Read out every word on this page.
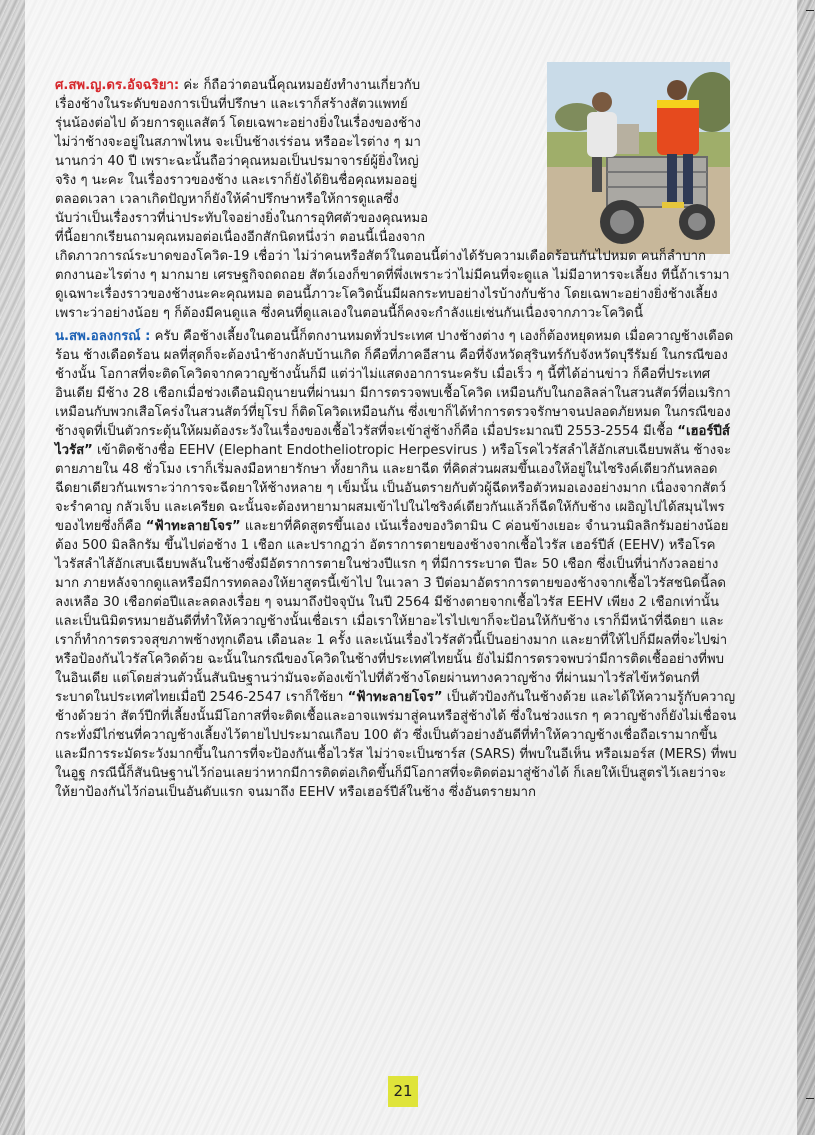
ศ.สพ.ญ.ดร.อัจฉริยา: ค่ะ ก็ถือว่าตอนนี้คุณหมอยังทำงานเกี่ยวกับ
เรื่องช้างในระดับของการเป็นที่ปรึกษา และเราก็สร้างสัตวแพทย์
รุ่นน้องต่อไป ด้วยการดูแลสัตว์ โดยเฉพาะอย่างยิ่งในเรื่องของช้าง
ไม่ว่าช้างจะอยู่ในสภาพไหน จะเป็นช้างเร่ร่อน หรืออะไรต่าง ๆ มา
นานกว่า 40 ปี เพราะฉะนั้นถือว่าคุณหมอเป็นปรมาจารย์ผู้ยิ่งใหญ่
จริง ๆ นะคะ ในเรื่องราวของช้าง และเราก็ยังได้ยินชื่อคุณหมออยู่
ตลอดเวลา เวลาเกิดปัญหาก็ยังให้คำปรึกษาหรือให้การดูแลซึ่ง
นับว่าเป็นเรื่องราวที่น่าประทับใจอย่างยิ่งในการอุทิศตัวของคุณหมอ
ที่นี้อยากเรียนถามคุณหมอต่อเนื่องอีกสักนิดหนึ่งว่า ตอนนี้เนื่องจาก
เกิดภาวการณ์ระบาดของโควิด-19 เชื่อว่า ไม่ว่าคนหรือสัตว์ในตอนนี้ต่างได้รับความเดือดร้อนกันไปหมด คนก็ลำบากตกงานอะไรต่าง ๆ มากมาย เศรษฐกิจถดถอย สัตว์เองก็ขาดที่พึ่งเพราะว่าไม่มีคนที่จะดูแล ไม่มีอาหารจะเลี้ยง ทีนี้ถ้าเรามาดูเฉพาะเรื่องราวของช้างนะคะคุณหมอ ตอนนี้ภาวะโควิดนั้นมีผลกระทบอย่างไรบ้างกับช้าง โดยเฉพาะอย่างยิ่งช้างเลี้ยง เพราะว่าอย่างน้อย ๆ ก็ต้องมีคนดูแล ซึ่งคนที่ดูแลเองในตอนนี้ก็คงจะกำลังแย่เช่นกันเนื่องจากภาวะโควิดนี้

น.สพ.อลงกรณ์ : ครับ คือช้างเลี้ยงในตอนนี้ก็ตกงานหมดทั่วประเทศ ปางช้างต่าง ๆ เองก็ต้องหยุดหมด เมื่อควาญช้างเดือดร้อน ช้างเดือดร้อน ผลที่สุดก็จะต้องนำช้างกลับบ้านเกิด ก็คือที่ภาคอีสาน คือที่จังหวัดสุรินทร์กับจังหวัดบุรีรัมย์ ในกรณีของช้างนั้น โอกาสที่จะติดโควิดจากควาญช้างนั้นก็มี แต่ว่าไม่แสดงอาการนะครับ เมื่อเร็ว ๆ นี้ที่ได้อ่านข่าว ก็คือที่ประเทศอินเดีย มีช้าง 28 เชือกเมื่อช่วงเดือนมิถุนายนที่ผ่านมา มีการตรวจพบเชื้อโควิด เหมือนกับในกอลิลล่าในสวนสัตว์ที่อเมริกา เหมือนกับพวกเสือโคร่งในสวนสัตว์ที่ยุโรป ก็ติดโควิดเหมือนกัน ซึ่งเขาก็ได้ทำการตรวจรักษาจนปลอดภัยหมด ในกรณีของช้างจุดที่เป็นตัวกระตุ้นให้ผมต้องระวังในเรื่องของเชื้อไวรัสที่จะเข้าสู่ช้างก็คือ เมื่อประมาณปี 2553-2554 มีเชื้อ “เฮอร์ปีส์ไวรัส” เข้าติดช้างชื่อ EEHV (Elephant Endotheliotropic Herpesvirus ) หรือโรคไวรัสลำไส้อักเสบเฉียบพลัน ช้างจะตายภายใน 48 ชั่วโมง เราก็เริ่มลงมือหายารักษา ทั้งยากิน และยาฉีด ที่คิดส่วนผสมขึ้นเองให้อยู่ในไซริงค์เดียวกันหลอดฉีดยาเดียวกันเพราะว่าการจะฉีดยาให้ช้างหลาย ๆ เข็มนั้น เป็นอันตรายกับตัวผู้ฉีดหรือตัวหมอเองอย่างมาก เนื่องจากสัตว์จะรำคาญ กลัวเจ็บ และเครียด ฉะนั้นจะต้องหายามาผสมเข้าไปในไซริงค์เดียวกันแล้วก็ฉีดให้กับช้าง เผอิญไปได้สมุนไพรของไทยซึ่งก็คือ “ฟ้าทะลายโจร” และยาที่คิดสูตรขึ้นเอง เน้นเรื่องของวิตามิน C ค่อนข้างเยอะ จำนวนมิลลิกรัมอย่างน้อยต้อง 500 มิลลิกรัม ขึ้นไปต่อช้าง 1 เชือก และปรากฏว่า อัตราการตายของช้างจากเชื้อไวรัส เฮอร์ปีส์ (EEHV) หรือโรคไวรัสลำไส้อักเสบเฉียบพลันในช้างซึ่งมีอัตราการตายในช่วงปีแรก ๆ ที่มีการระบาด ปีละ 50 เชือก ซึ่งเป็นที่น่ากังวลอย่างมาก ภายหลังจากดูแลหรือมีการทดลองให้ยาสูตรนี้เข้าไป ในเวลา 3 ปีต่อมาอัตราการตายของช้างจากเชื้อไวรัสชนิดนี้ลดลงเหลือ 30 เชือกต่อปีและลดลงเรื่อย ๆ จนมาถึงปัจจุบัน ในปี 2564 มีช้างตายจากเชื้อไวรัส EEHV เพียง 2 เชือกเท่านั้น และเป็นนิมิตรหมายอันดีที่ทำให้ควาญช้างนั้นเชื่อเรา เมื่อเราให้ยาอะไรไปเขาก็จะป้อนให้กับช้าง เราก็มีหน้าที่ฉีดยา และเราก็ทำการตรวจสุขภาพช้างทุกเดือน เดือนละ 1 ครั้ง และเน้นเรื่องไวรัสตัวนี้เป็นอย่างมาก และยาที่ให้ไปก็มีผลที่จะไปฆ่าหรือป้องกันไวรัสโควิดด้วย ฉะนั้นในกรณีของโควิดในช้างที่ประเทศไทยนั้น ยังไม่มีการตรวจพบว่ามีการติดเชื้ออย่างที่พบในอินเดีย แต่โดยส่วนตัวนั้นสันนิษฐานว่ามันจะต้องเข้าไปที่ตัวช้างโดยผ่านทางควาญช้าง ที่ผ่านมาไวรัสไข้หวัดนกที่ระบาดในประเทศไทยเมื่อปี 2546-2547 เราก็ใช้ยา “ฟ้าทะลายโจร” เป็นตัวป้องกันในช้างด้วย และได้ให้ความรู้กับควาญช้างด้วยว่า สัตว์ปีกที่เลี้ยงนั้นมีโอกาสที่จะติดเชื้อและอาจแพร่มาสู่คนหรือสู่ช้างได้ ซึ่งในช่วงแรก ๆ ควาญช้างก็ยังไม่เชื่อจนกระทั่งมีไก่ชนที่ควาญช้างเลี้ยงไว้ตายไปประมาณเกือบ 100 ตัว ซึ่งเป็นตัวอย่างอันดีที่ทำให้ควาญช้างเชื่อถือเรามากขึ้น และมีการระมัดระวังมากขึ้นในการที่จะป้องกันเชื้อไวรัส ไม่ว่าจะเป็นซาร์ส (SARS) ที่พบในอีเห็น หรือเมอร์ส (MERS) ที่พบในอูฐ กรณีนี้ก็สันนิษฐานไว้ก่อนเลยว่าหากมีการติดต่อเกิดขึ้นก็มีโอกาสที่จะติดต่อมาสู่ช้างได้ ก็เลยให้เป็นสูตรไว้เลยว่าจะให้ยาป้องกันไว้ก่อนเป็นอันดับแรก จนมาถึง EEHV หรือเฮอร์ปีส์ในช้าง ซึ่งอันตรายมาก

21
